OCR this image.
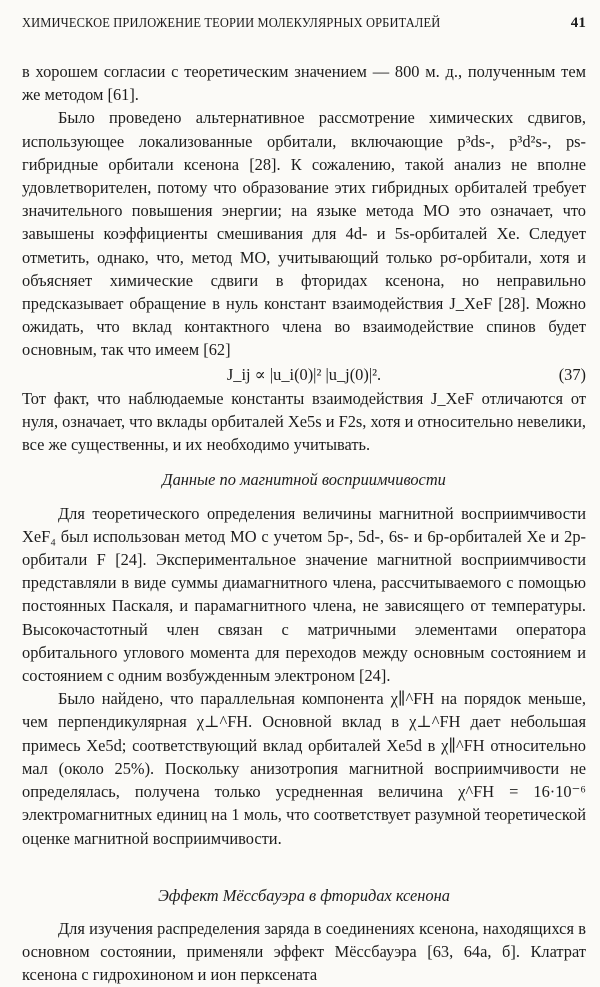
ХИМИЧЕСКОЕ ПРИЛОЖЕНИЕ ТЕОРИИ МОЛЕКУЛЯРНЫХ ОРБИТАЛЕЙ	41

в хорошем согласии с теоретическим значением — 800 м. д., полученным тем же методом [61].

Было проведено альтернативное рассмотрение химических сдвигов, использующее локализованные орбитали, включающие p³ds-, p³d²s-, ps-гибридные орбитали ксенона [28]. К сожалению, такой анализ не вполне удовлетворителен, потому что образование этих гибридных орбиталей требует значительного повышения энергии; на языке метода МО это означает, что завышены коэффициенты смешивания для 4d- и 5s-орбиталей Xe. Следует отметить, однако, что, метод МО, учитывающий только pσ-орбитали, хотя и объясняет химические сдвиги в фторидах ксенона, но неправильно предсказывает обращение в нуль констант взаимодействия J_XeF [28]. Можно ожидать, что вклад контактного члена во взаимодействие спинов будет основным, так что имеем [62]

J_ij ∝ |u_i(0)|² |u_j(0)|².	(37)

Тот факт, что наблюдаемые константы взаимодействия J_XeF отличаются от нуля, означает, что вклады орбиталей Xe5s и F2s, хотя и относительно невелики, все же существенны, и их необходимо учитывать.

Данные по магнитной восприимчивости

Для теоретического определения величины магнитной восприимчивости XeF₄ был использован метод МО с учетом 5p-, 5d-, 6s- и 6p-орбиталей Xe и 2p-орбитали F [24]. Экспериментальное значение магнитной восприимчивости представляли в виде суммы диамагнитного члена, рассчитываемого с помощью постоянных Паскаля, и парамагнитного члена, не зависящего от температуры. Высокочастотный член связан с матричными элементами оператора орбитального углового момента для переходов между основным состоянием и состоянием с одним возбужденным электроном [24].

Было найдено, что параллельная компонента χ∥^FH на порядок меньше, чем перпендикулярная χ⊥^FH. Основной вклад в χ⊥^FH дает небольшая примесь Xe5d; соответствующий вклад орбиталей Xe5d в χ∥^FH относительно мал (около 25%). Поскольку анизотропия магнитной восприимчивости не определялась, получена только усредненная величина χ^FH = 16·10⁻⁶ электромагнитных единиц на 1 моль, что соответствует разумной теоретической оценке магнитной восприимчивости.

Эффект Мёссбауэра в фторидах ксенона

Для изучения распределения заряда в соединениях ксенона, находящихся в основном состоянии, применяли эффект Мёссбауэра [63, 64а, б]. Клатрат ксенона с гидрохиноном и ион перксената
